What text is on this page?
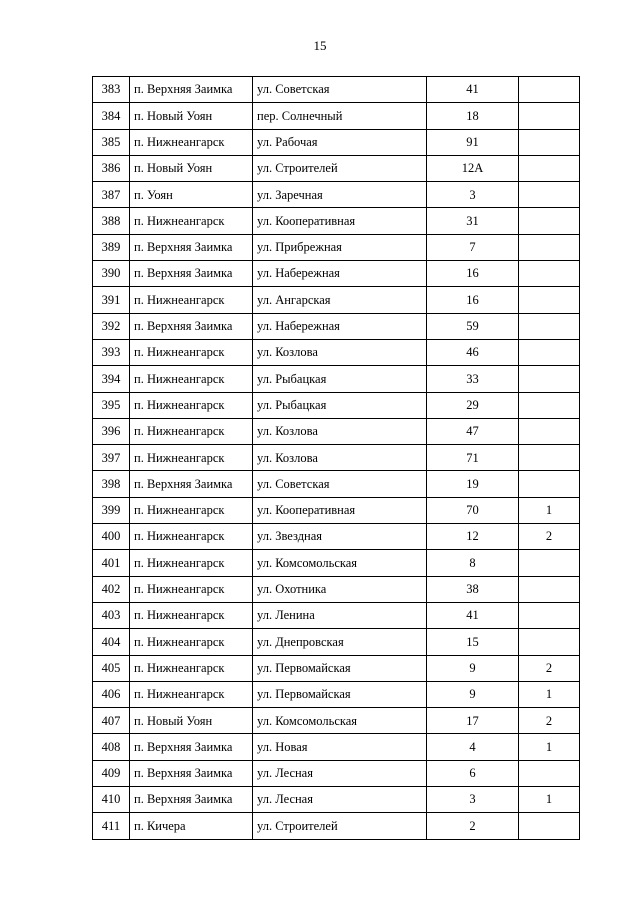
15
383	п. Верхняя Заимка	ул. Советская	41	
384	п. Новый Уоян	пер. Солнечный	18	
385	п. Нижнеангарск	ул. Рабочая	91	
386	п. Новый Уоян	ул. Строителей	12А	
387	п. Уоян	ул. Заречная	3	
388	п. Нижнеангарск	ул. Кооперативная	31	
389	п. Верхняя Заимка	ул. Прибрежная	7	
390	п. Верхняя Заимка	ул. Набережная	16	
391	п. Нижнеангарск	ул. Ангарская	16	
392	п. Верхняя Заимка	ул. Набережная	59	
393	п. Нижнеангарск	ул. Козлова	46	
394	п. Нижнеангарск	ул. Рыбацкая	33	
395	п. Нижнеангарск	ул. Рыбацкая	29	
396	п. Нижнеангарск	ул. Козлова	47	
397	п. Нижнеангарск	ул. Козлова	71	
398	п. Верхняя Заимка	ул. Советская	19	
399	п. Нижнеангарск	ул. Кооперативная	70	1
400	п. Нижнеангарск	ул. Звездная	12	2
401	п. Нижнеангарск	ул. Комсомольская	8	
402	п. Нижнеангарск	ул. Охотника	38	
403	п. Нижнеангарск	ул. Ленина	41	
404	п. Нижнеангарск	ул. Днепровская	15	
405	п. Нижнеангарск	ул. Первомайская	9	2
406	п. Нижнеангарск	ул. Первомайская	9	1
407	п. Новый Уоян	ул. Комсомольская	17	2
408	п. Верхняя Заимка	ул. Новая	4	1
409	п. Верхняя Заимка	ул. Лесная	6	
410	п. Верхняя Заимка	ул. Лесная	3	1
411	п. Кичера	ул. Строителей	2	
